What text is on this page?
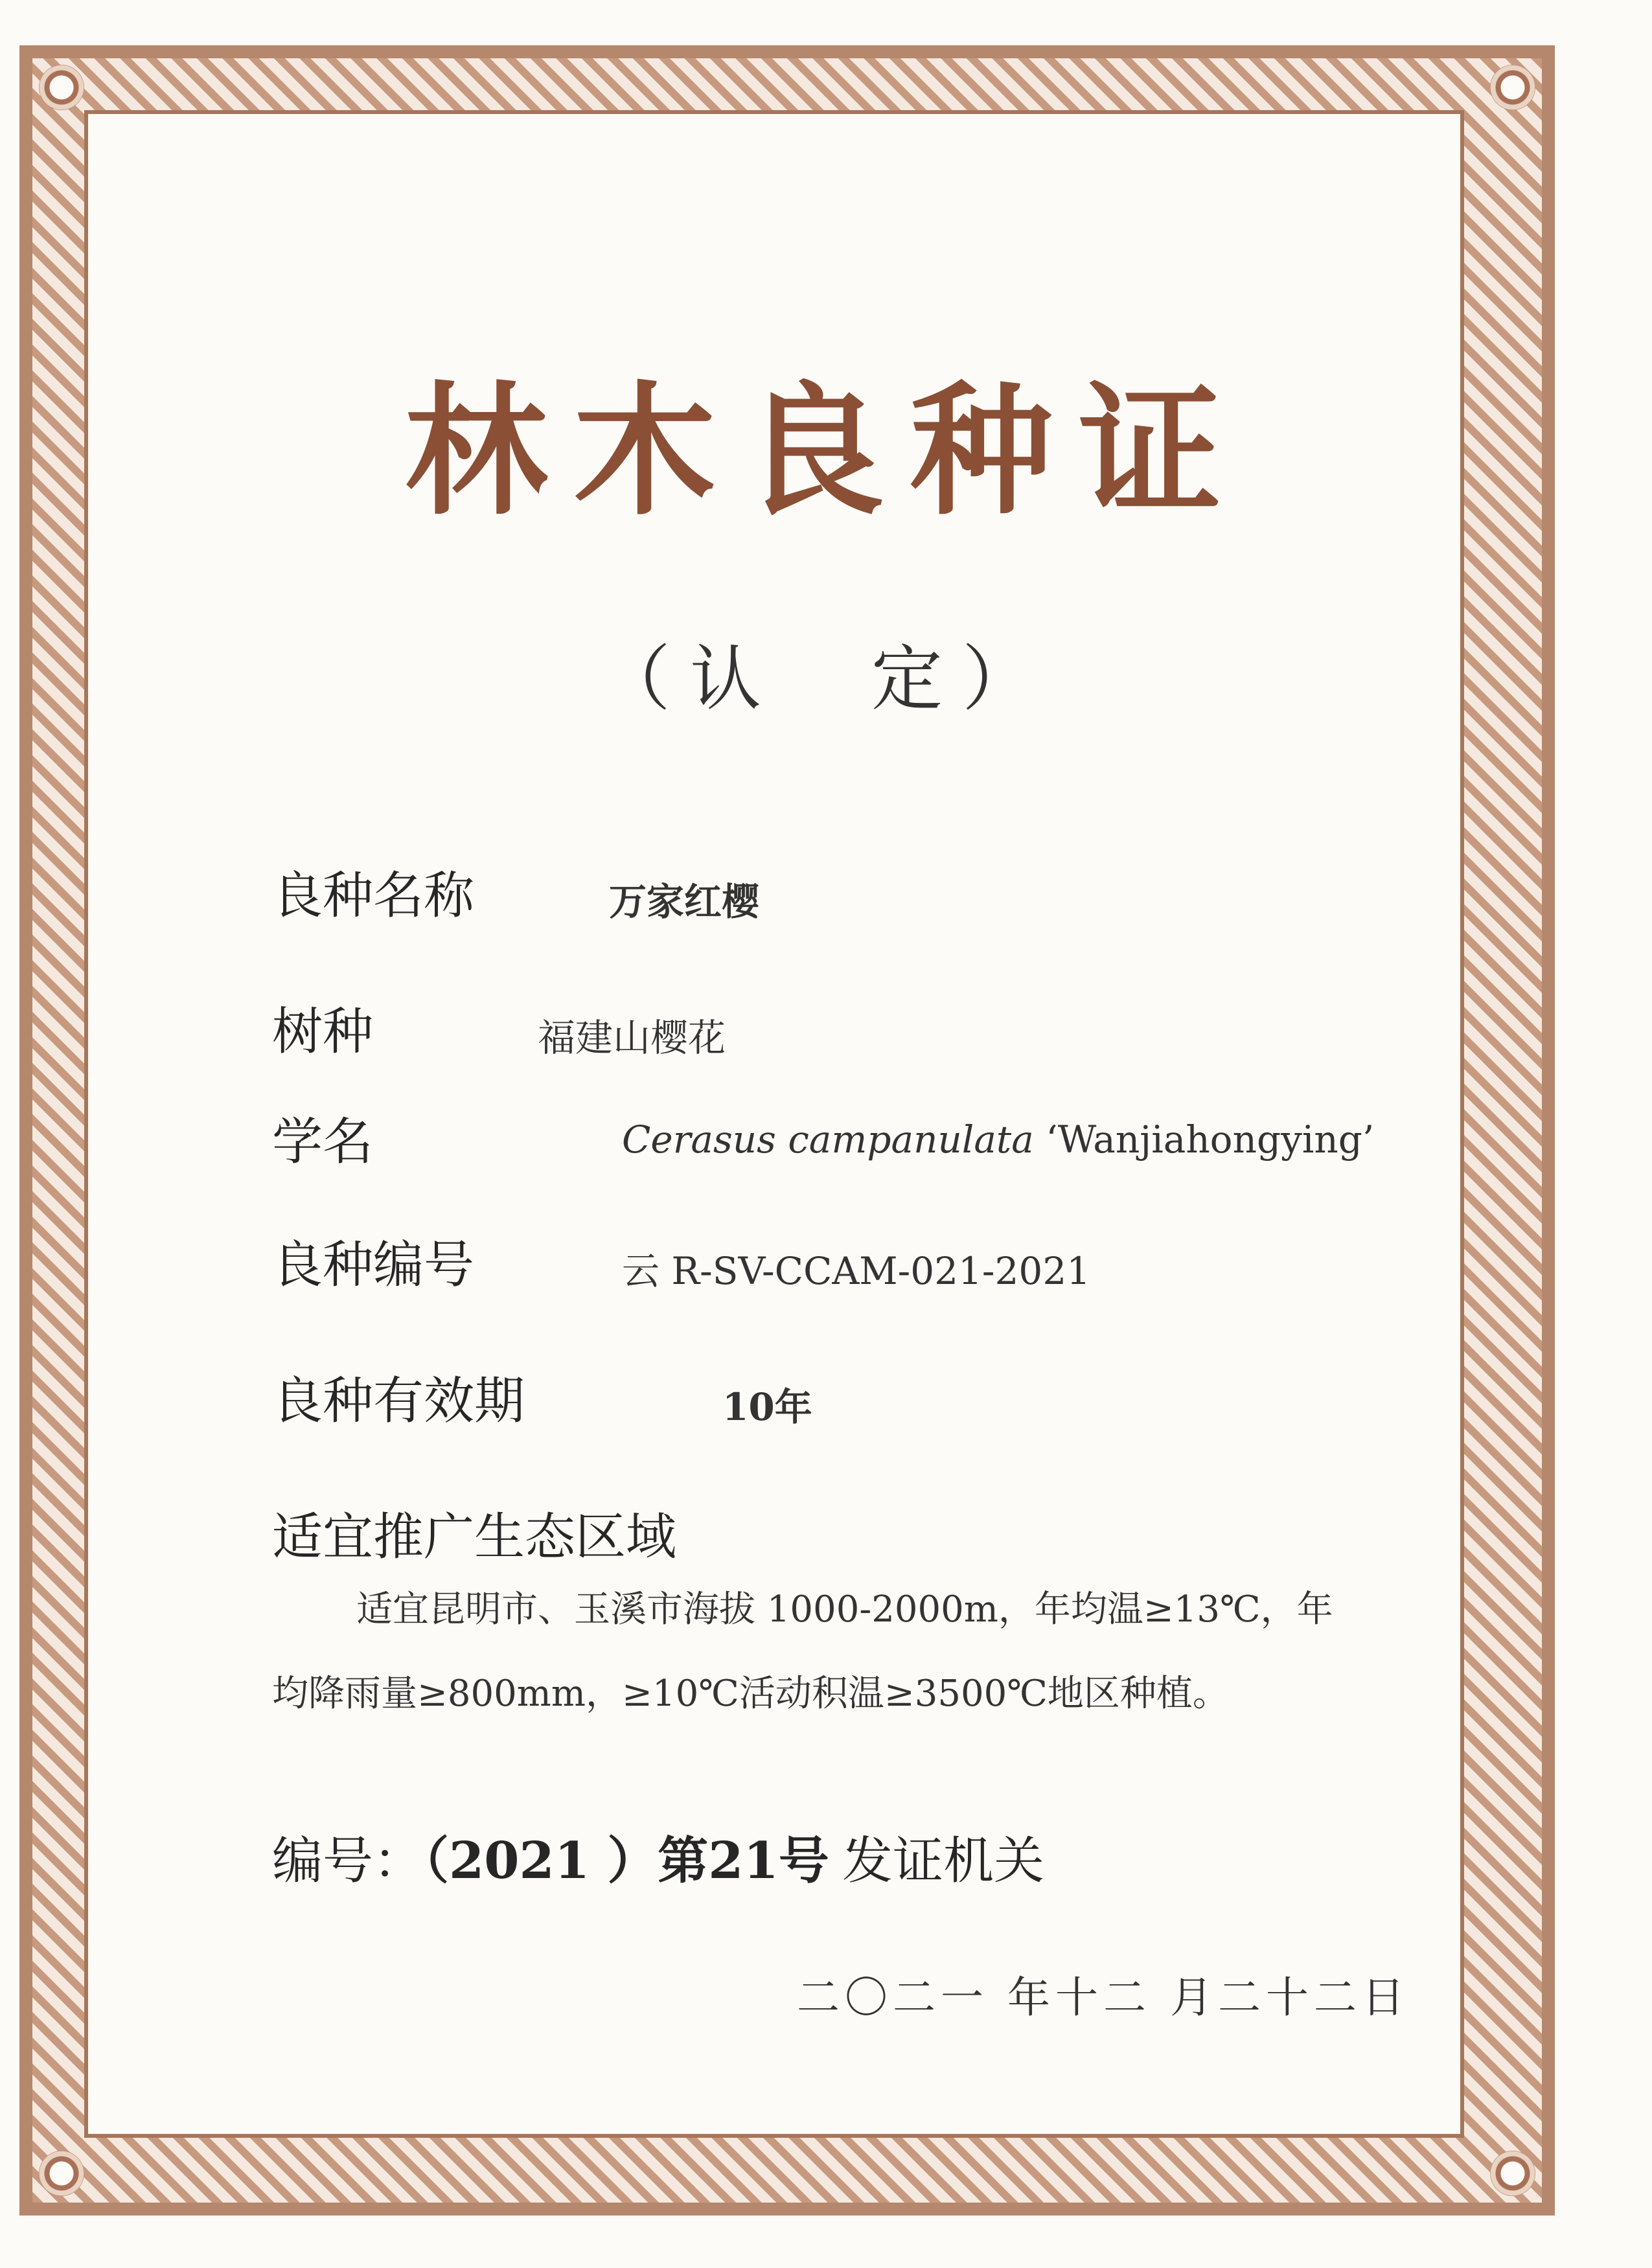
林木良种证
（认　定）
良种名称	万家红樱
树种	福建山樱花
学名	Cerasus campanulata ‘Wanjiahongying’
良种编号	云 R-SV-CCAM-021-2021
良种有效期	10年
适宜推广生态区域
适宜昆明市、玉溪市海拔 1000-2000m，年均温≥13℃，年均降雨量≥800mm，≥10℃活动积温≥3500℃地区种植。
编号：（2021 ）第21号 发证机关
二〇二一 年十二 月二十二日
